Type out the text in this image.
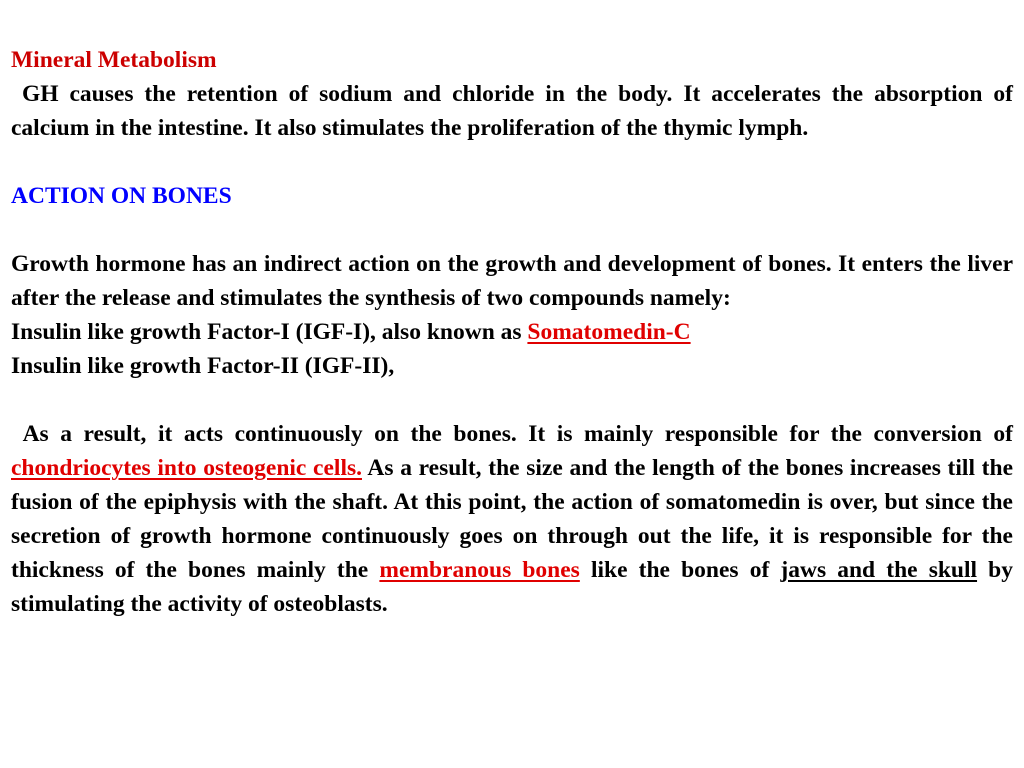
Mineral Metabolism

GH causes the retention of sodium and chloride in the body. It accelerates the absorption of calcium in the intestine. It also stimulates the proliferation of the thymic lymph.

ACTION ON BONES

Growth hormone has an indirect action on the growth and development of bones. It enters the liver after the release and stimulates the synthesis of two compounds namely:

Insulin like growth Factor-I (IGF-I), also known as Somatomedin-C

Insulin like growth Factor-II (IGF-II),

As a result, it acts continuously on the bones. It is mainly responsible for the conversion of chondriocytes into osteogenic cells. As a result, the size and the length of the bones increases till the fusion of the epiphysis with the shaft. At this point, the action of somatomedin is over, but since the secretion of growth hormone continuously goes on through out the life, it is responsible for the thickness of the bones mainly the membranous bones like the bones of jaws and the skull by stimulating the activity of osteoblasts.
